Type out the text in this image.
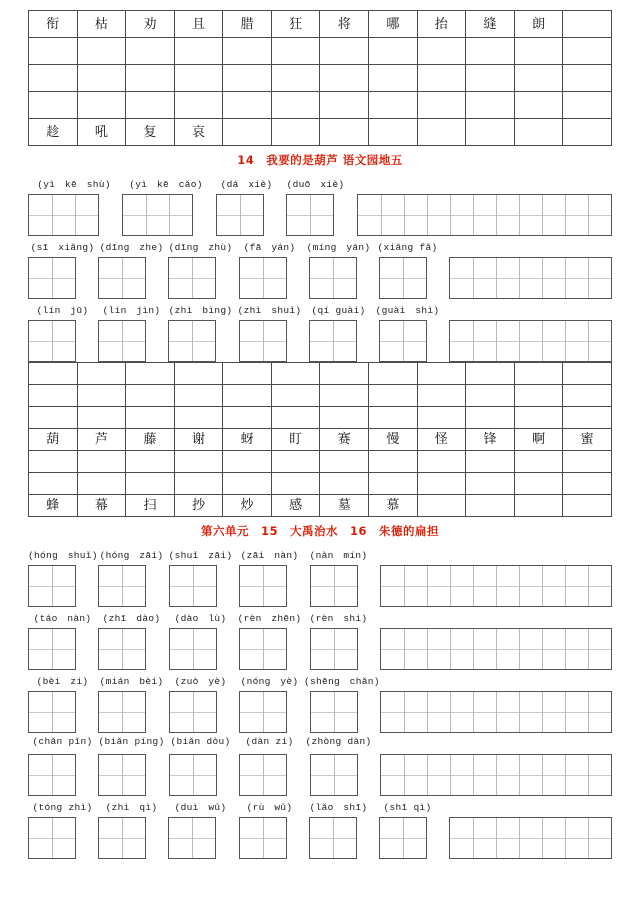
衔	枯	劝	且	腊	狂	将	哪	抬	缝	朗	

趁	吼	复	哀								
14　我要的是葫芦 语文园地五
(yì　kē　shù) (yì　kē　cǎo) (dá　xiè) (duō　xiè)
(sī　xiǎng) (dīng　zhe) (dīng　zhù) (fā　yán) (míng　yán) (xiǎng fǎ)
(lín　jū) (lín　jìn) (zhì　bìng) (zhì　shuǐ) (qí guài) (guài　shì)

葫	芦	藤	谢	蚜	盯	赛	慢	怪	锋	啊	蜜

蜂	幕	扫	抄	炒	感	墓	慕				
第六单元　15　大禹治水　16　朱德的扁担
(hóng　shuǐ) (hóng　zāi) (shuǐ　zāi) (zāi　nàn) (nàn　mín)
(táo　nàn) (zhī　dào) (dào　lù) (rèn　zhēn) (rèn　shi)
(bèi　zi) (mián　bèi) (zuò　yè) (nóng　yè) (shēng　chǎn)
(chǎn pǐn) (biǎn píng) (biǎn dòu) (dàn zi) (zhòng dàn)
(tóng zhì) (zhì　qì) (duì　wǔ) (rù　wǔ) (lǎo　shī) (shī qì)
